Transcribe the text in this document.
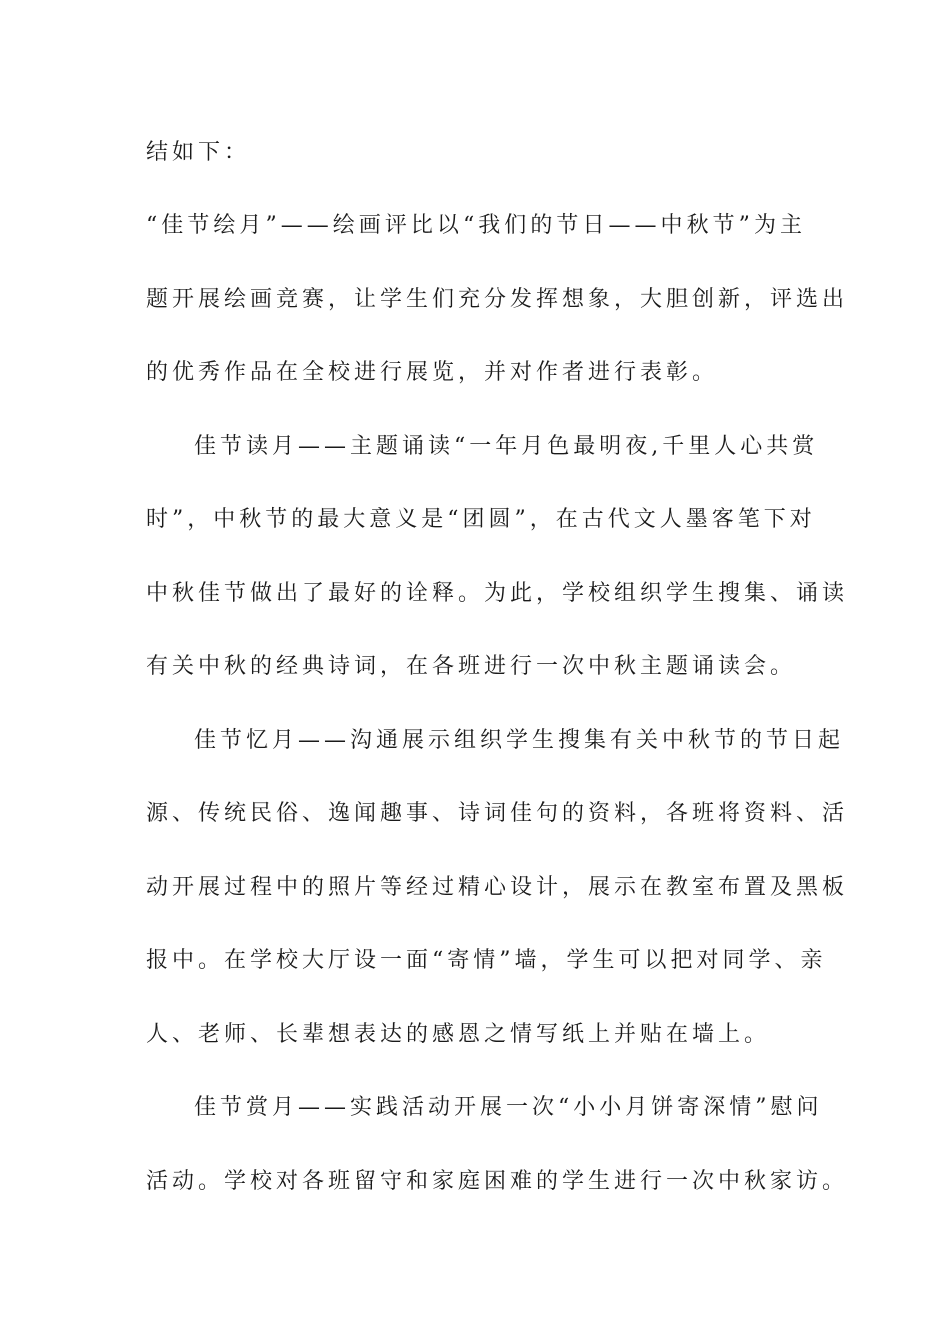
结如下：
“佳节绘月”——绘画评比以“我们的节日——中秋节”为主
题开展绘画竞赛，让学生们充分发挥想象，大胆创新，评选出
的优秀作品在全校进行展览，并对作者进行表彰。
佳节读月——主题诵读“一年月色最明夜,千里人心共赏
时”，中秋节的最大意义是“团圆”，在古代文人墨客笔下对
中秋佳节做出了最好的诠释。为此，学校组织学生搜集、诵读
有关中秋的经典诗词，在各班进行一次中秋主题诵读会。
佳节忆月——沟通展示组织学生搜集有关中秋节的节日起
源、传统民俗、逸闻趣事、诗词佳句的资料，各班将资料、活
动开展过程中的照片等经过精心设计，展示在教室布置及黑板
报中。在学校大厅设一面“寄情”墙，学生可以把对同学、亲
人、老师、长辈想表达的感恩之情写纸上并贴在墙上。
佳节赏月——实践活动开展一次“小小月饼寄深情”慰问
活动。学校对各班留守和家庭困难的学生进行一次中秋家访。
